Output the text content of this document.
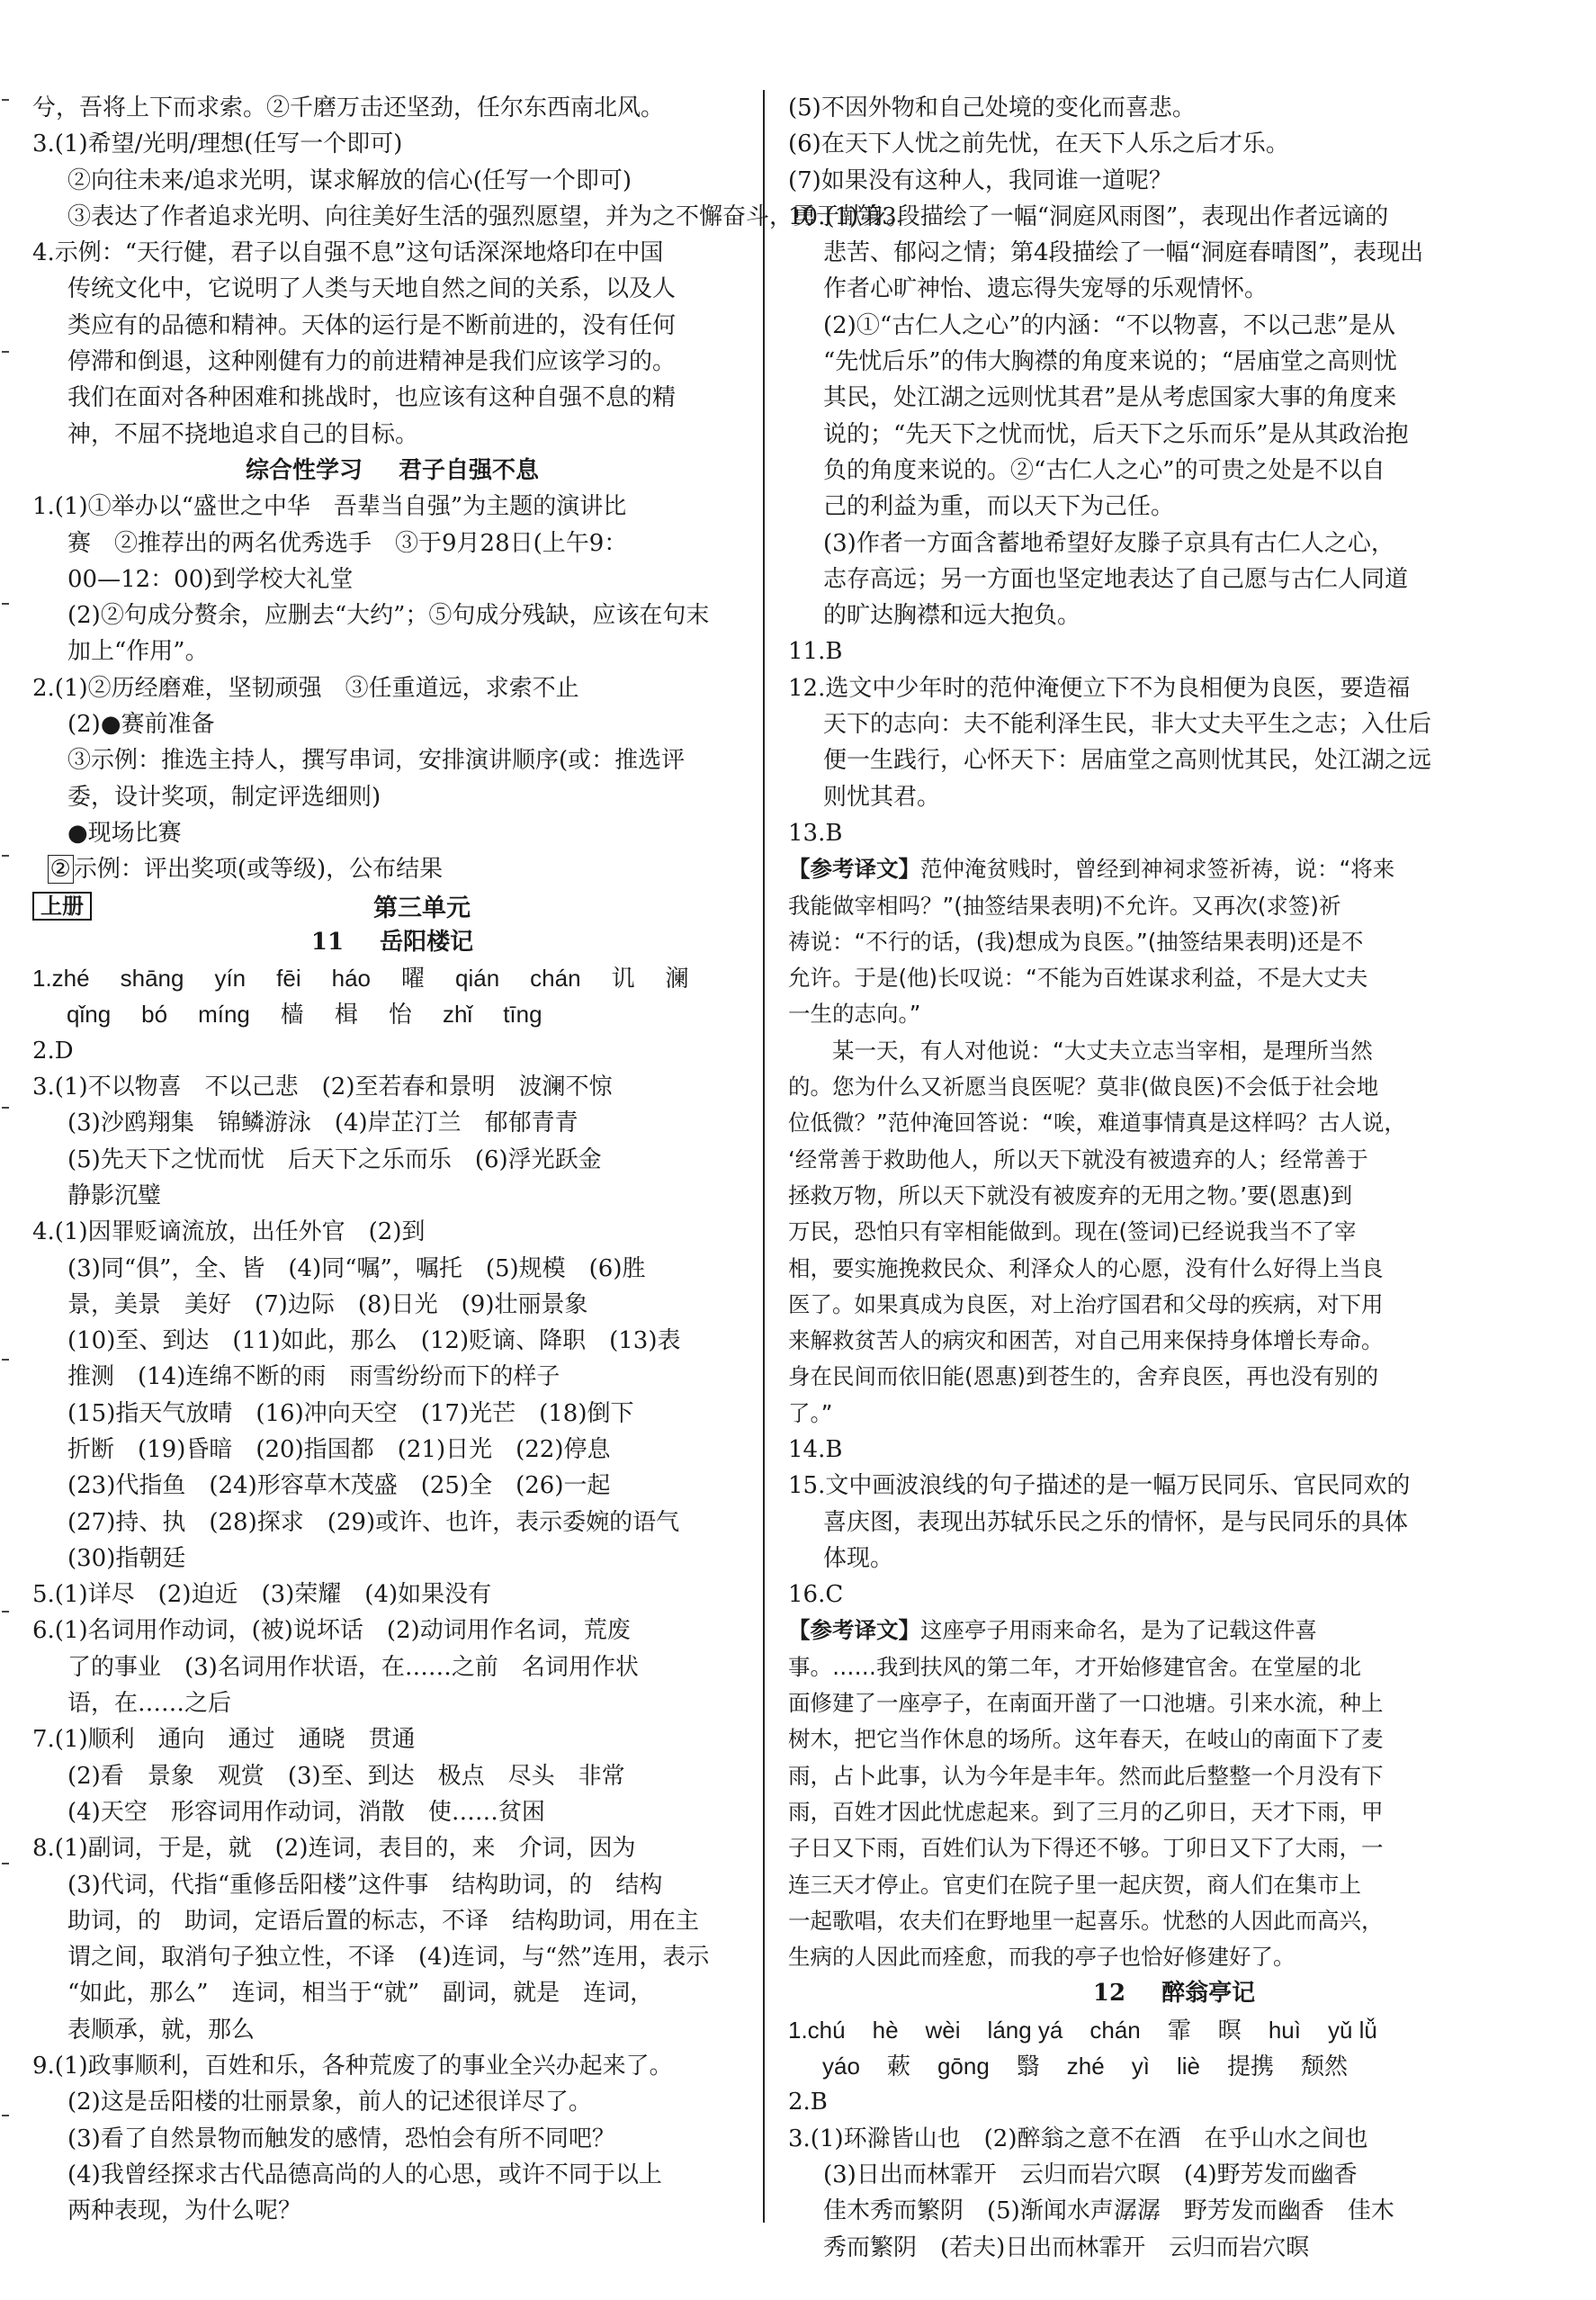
兮，吾将上下而求索。②千磨万击还坚劲，任尔东西南北风。
3.(1)希望/光明/理想(任写一个即可)
　 ②向往未来/追求光明，谋求解放的信心(任写一个即可)
　 ③表达了作者追求光明、向往美好生活的强烈愿望，并为之不懈奋斗，勇于献身。
4.示例：“天行健，君子以自强不息”这句话深深地烙印在中国
　 传统文化中，它说明了人类与天地自然之间的关系，以及人
　 类应有的品德和精神。天体的运行是不断前进的，没有任何
　 停滞和倒退，这种刚健有力的前进精神是我们应该学习的。
　 我们在面对各种困难和挑战时，也应该有这种自强不息的精
　 神，不屈不挠地追求自己的目标。
综合性学习 君子自强不息
1.(1)①举办以“盛世之中华　吾辈当自强”为主题的演讲比
　 赛　②推荐出的两名优秀选手　③于9月28日(上午9：
　 00—12：00)到学校大礼堂
　 (2)②句成分赘余，应删去“大约”；⑤句成分残缺，应该在句末
　 加上“作用”。
2.(1)②历经磨难，坚韧顽强　③任重道远，求索不止
　 (2)●赛前准备
　 ③示例：推选主持人，撰写串词，安排演讲顺序(或：推选评
　 委，设计奖项，制定评选细则)
　 ●现场比赛
② 示例：评出奖项(或等级)，公布结果
上册	第三单元
11 岳阳楼记
1.zhé shāng yín fēi háo 曜 qián chán 讥 澜
qǐng bó míng 樯 楫 怡 zhǐ tīng
2.D
3.(1)不以物喜　不以己悲　(2)至若春和景明　波澜不惊
　 (3)沙鸥翔集　锦鳞游泳　(4)岸芷汀兰　郁郁青青
　 (5)先天下之忧而忧　后天下之乐而乐　(6)浮光跃金
　 静影沉璧
4.(1)因罪贬谪流放，出任外官　(2)到
　 (3)同“俱”，全、皆　(4)同“嘱”，嘱托　(5)规模　(6)胜
　 景，美景　美好　(7)边际　(8)日光　(9)壮丽景象
　 (10)至、到达　(11)如此，那么　(12)贬谪、降职　(13)表
　 推测　(14)连绵不断的雨　雨雪纷纷而下的样子
　 (15)指天气放晴　(16)冲向天空　(17)光芒　(18)倒下
　 折断　(19)昏暗　(20)指国都　(21)日光　(22)停息
　 (23)代指鱼　(24)形容草木茂盛　(25)全　(26)一起
　 (27)持、执　(28)探求　(29)或许、也许，表示委婉的语气
　 (30)指朝廷
5.(1)详尽　(2)迫近　(3)荣耀　(4)如果没有
6.(1)名词用作动词，(被)说坏话　(2)动词用作名词，荒废
　 了的事业　(3)名词用作状语，在……之前　名词用作状
　 语，在……之后
7.(1)顺利　通向　通过　通晓　贯通
　 (2)看　景象　观赏　(3)至、到达　极点　尽头　非常
　 (4)天空　形容词用作动词，消散　使……贫困
8.(1)副词，于是，就　(2)连词，表目的，来　介词，因为
　 (3)代词，代指“重修岳阳楼”这件事　结构助词，的　结构
　 助词，的　助词，定语后置的标志，不译　结构助词，用在主
　 谓之间，取消句子独立性，不译　(4)连词，与“然”连用，表示
　 “如此，那么”　连词，相当于“就”　副词，就是　连词，
　 表顺承，就，那么
9.(1)政事顺利，百姓和乐，各种荒废了的事业全兴办起来了。
　 (2)这是岳阳楼的壮丽景象，前人的记述很详尽了。
　 (3)看了自然景物而触发的感情，恐怕会有所不同吧？
　 (4)我曾经探求古代品德高尚的人的心思，或许不同于以上
　 两种表现，为什么呢？
(5)不因外物和自己处境的变化而喜悲。
(6)在天下人忧之前先忧，在天下人乐之后才乐。
(7)如果没有这种人，我同谁一道呢？
10.(1)第3段描绘了一幅“洞庭风雨图”，表现出作者远谪的
　 悲苦、郁闷之情；第4段描绘了一幅“洞庭春晴图”，表现出
　 作者心旷神怡、遗忘得失宠辱的乐观情怀。
　 (2)①“古仁人之心”的内涵：“不以物喜，不以己悲”是从
　 “先忧后乐”的伟大胸襟的角度来说的；“居庙堂之高则忧
　 其民，处江湖之远则忧其君”是从考虑国家大事的角度来
　 说的；“先天下之忧而忧，后天下之乐而乐”是从其政治抱
　 负的角度来说的。②“古仁人之心”的可贵之处是不以自
　 己的利益为重，而以天下为己任。
　 (3)作者一方面含蓄地希望好友滕子京具有古仁人之心，
　 志存高远；另一方面也坚定地表达了自己愿与古仁人同道
　 的旷达胸襟和远大抱负。
11.B
12.选文中少年时的范仲淹便立下不为良相便为良医，要造福
　 天下的志向：夫不能利泽生民，非大丈夫平生之志；入仕后
　 便一生践行，心怀天下：居庙堂之高则忧其民，处江湖之远
　 则忧其君。
13.B
【参考译文】范仲淹贫贱时，曾经到神祠求签祈祷，说：“将来
我能做宰相吗？”(抽签结果表明)不允许。又再次(求签)祈
祷说：“不行的话，(我)想成为良医。”(抽签结果表明)还是不
允许。于是(他)长叹说：“不能为百姓谋求利益，不是大丈夫
一生的志向。”
　　某一天，有人对他说：“大丈夫立志当宰相，是理所当然
的。您为什么又祈愿当良医呢？莫非(做良医)不会低于社会地
位低微？”范仲淹回答说：“唉，难道事情真是这样吗？古人说，
‘经常善于救助他人，所以天下就没有被遗弃的人；经常善于
拯救万物，所以天下就没有被废弃的无用之物。’要(恩惠)到
万民，恐怕只有宰相能做到。现在(签词)已经说我当不了宰
相，要实施挽救民众、利泽众人的心愿，没有什么好得上当良
医了。如果真成为良医，对上治疗国君和父母的疾病，对下用
来解救贫苦人的病灾和困苦，对自己用来保持身体增长寿命。
身在民间而依旧能(恩惠)到苍生的，舍弃良医，再也没有别的
了。”
14.B
15.文中画波浪线的句子描述的是一幅万民同乐、官民同欢的
　 喜庆图，表现出苏轼乐民之乐的情怀，是与民同乐的具体
　 体现。
16.C
【参考译文】这座亭子用雨来命名，是为了记载这件喜
事。……我到扶风的第二年，才开始修建官舍。在堂屋的北
面修建了一座亭子，在南面开凿了一口池塘。引来水流，种上
树木，把它当作休息的场所。这年春天，在岐山的南面下了麦
雨，占卜此事，认为今年是丰年。然而此后整整一个月没有下
雨，百姓才因此忧虑起来。到了三月的乙卯日，天才下雨，甲
子日又下雨，百姓们认为下得还不够。丁卯日又下了大雨，一
连三天才停止。官吏们在院子里一起庆贺，商人们在集市上
一起歌唱，农夫们在野地里一起喜乐。忧愁的人因此而高兴，
生病的人因此而痊愈，而我的亭子也恰好修建好了。
12 醉翁亭记
1.chú hè wèi láng yá chán 霏 暝 huì yǔ lǚ
yáo 蔌 gōng 翳 zhé yì liè 提携 颓然
2.B
3.(1)环滁皆山也　(2)醉翁之意不在酒　在乎山水之间也
　 (3)日出而林霏开　云归而岩穴暝　(4)野芳发而幽香
　 佳木秀而繁阴　(5)渐闻水声潺潺　野芳发而幽香　佳木
　 秀而繁阴　(若夫)日出而林霏开　云归而岩穴暝
